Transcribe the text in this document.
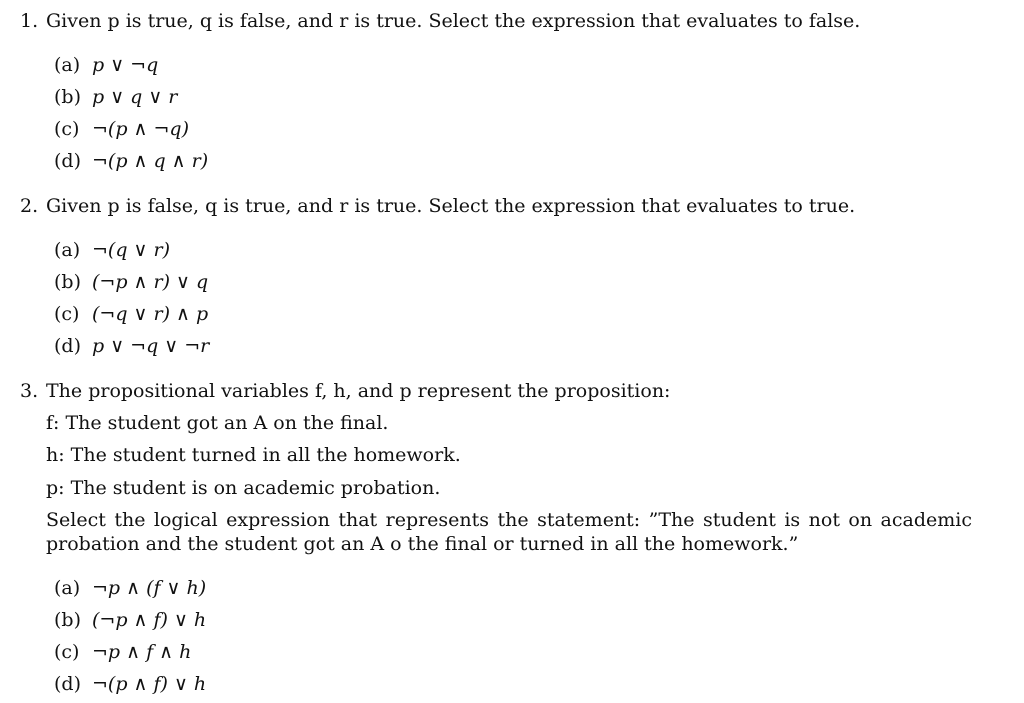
1. Given p is true, q is false, and r is true. Select the expression that evaluates to false.
(a) p ∨ ¬q
(b) p ∨ q ∨ r
(c) ¬(p ∧ ¬q)
(d) ¬(p ∧ q ∧ r)
2. Given p is false, q is true, and r is true. Select the expression that evaluates to true.
(a) ¬(q ∨ r)
(b) (¬p ∧ r) ∨ q
(c) (¬q ∨ r) ∧ p
(d) p ∨ ¬q ∨ ¬r
3. The propositional variables f, h, and p represent the proposition:
f: The student got an A on the final.
h: The student turned in all the homework.
p: The student is on academic probation.
Select the logical expression that represents the statement: ”The student is not on academic probation and the student got an A o the final or turned in all the homework.”
(a) ¬p ∧ (f ∨ h)
(b) (¬p ∧ f) ∨ h
(c) ¬p ∧ f ∧ h
(d) ¬(p ∧ f) ∨ h
